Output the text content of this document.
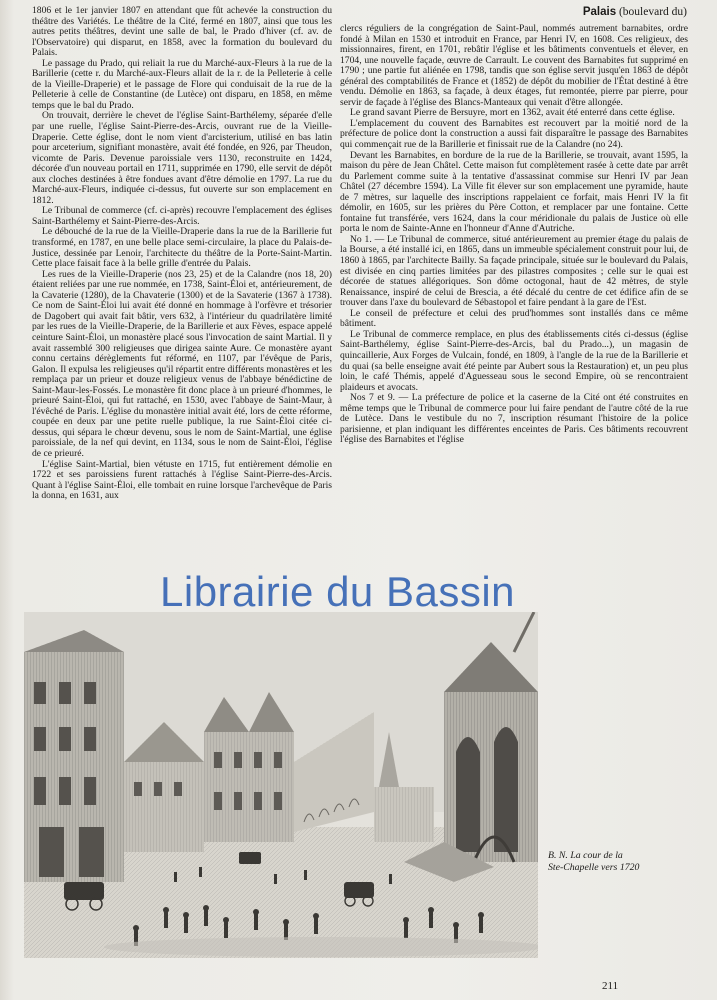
Palais (boulevard du)

1806 et le 1er janvier 1807 en attendant que fût achevée la construction du théâtre des Variétés. Le théâtre de la Cité, fermé en 1807, ainsi que tous les autres petits théâtres, devint une salle de bal, le Prado d'hiver (cf. av. de l'Observatoire) qui disparut, en 1858, avec la formation du boulevard du Palais.

Le passage du Prado, qui reliait la rue du Marché-aux-Fleurs à la rue de la Barillerie (cette r. du Marché-aux-Fleurs allait de la r. de la Pelleterie à celle de la Vieille-Draperie) et le passage de Flore qui conduisait de la rue de la Pelleterie à celle de Constantine (de Lutèce) ont disparu, en 1858, en même temps que le bal du Prado.

On trouvait, derrière le chevet de l'église Saint-Barthélemy, séparée d'elle par une ruelle, l'église Saint-Pierre-des-Arcis, ouvrant rue de la Vieille-Draperie. Cette église, dont le nom vient d'arcisterium, utilisé en bas latin pour arceterium, signifiant monastère, avait été fondée, en 926, par Theudon, vicomte de Paris. Devenue paroissiale vers 1130, reconstruite en 1424, décorée d'un nouveau portail en 1711, supprimée en 1790, elle servit de dépôt aux cloches destinées à être fondues avant d'être démolie en 1797. La rue du Marché-aux-Fleurs, indiquée ci-dessus, fut ouverte sur son emplacement en 1812.

Le Tribunal de commerce (cf. ci-après) recouvre l'emplacement des églises Saint-Barthélemy et Saint-Pierre-des-Arcis.

Le débouché de la rue de la Vieille-Draperie dans la rue de la Barillerie fut transformé, en 1787, en une belle place semi-circulaire, la place du Palais-de-Justice, dessinée par Lenoir, l'architecte du théâtre de la Porte-Saint-Martin. Cette place faisait face à la belle grille d'entrée du Palais.

Les rues de la Vieille-Draperie (nos 23, 25) et de la Calandre (nos 18, 20) étaient reliées par une rue nommée, en 1738, Saint-Éloi et, antérieurement, de la Cavaterie (1280), de la Chavaterie (1300) et de la Savaterie (1367 à 1738). Ce nom de Saint-Éloi lui avait été donné en hommage à l'orfèvre et trésorier de Dagobert qui avait fait bâtir, vers 632, à l'intérieur du quadrilatère limité par les rues de la Vieille-Draperie, de la Barillerie et aux Fèves, espace appelé ceinture Saint-Éloi, un monastère placé sous l'invocation de saint Martial. Il y avait rassemblé 300 religieuses que dirigea sainte Aure. Ce monastère ayant connu certains dérèglements fut réformé, en 1107, par l'évêque de Paris, Galon. Il expulsa les religieuses qu'il répartit entre différents monastères et les remplaça par un prieur et douze religieux venus de l'abbaye bénédictine de Saint-Maur-les-Fossés. Le monastère fit donc place à un prieuré d'hommes, le prieuré Saint-Éloi, qui fut rattaché, en 1530, avec l'abbaye de Saint-Maur, à l'évêché de Paris. L'église du monastère initial avait été, lors de cette réforme, coupée en deux par une petite ruelle publique, la rue Saint-Éloi citée ci-dessus, qui sépara le chœur devenu, sous le nom de Saint-Martial, une église paroissiale, de la nef qui devint, en 1134, sous le nom de Saint-Éloi, l'église de ce prieuré.

L'église Saint-Martial, bien vétuste en 1715, fut entièrement démolie en 1722 et ses paroissiens furent rattachés à l'église Saint-Pierre-des-Arcis. Quant à l'église Saint-Éloi, elle tombait en ruine lorsque l'archevêque de Paris la donna, en 1631, aux

clercs réguliers de la congrégation de Saint-Paul, nommés autrement barnabites, ordre fondé à Milan en 1530 et introduit en France, par Henri IV, en 1608. Ces religieux, des missionnaires, firent, en 1701, rebâtir l'église et les bâtiments conventuels et élever, en 1704, une nouvelle façade, œuvre de Carrault. Le couvent des Barnabites fut supprimé en 1790 ; une partie fut aliénée en 1798, tandis que son église servit jusqu'en 1863 de dépôt général des comptabilités de France et (1852) de dépôt du mobilier de l'État destiné à être vendu. Démolie en 1863, sa façade, à deux étages, fut remontée, pierre par pierre, pour servir de façade à l'église des Blancs-Manteaux qui venait d'être allongée.

Le grand savant Pierre de Bersuyre, mort en 1362, avait été enterré dans cette église.

L'emplacement du couvent des Barnabites est recouvert par la moitié nord de la préfecture de police dont la construction a aussi fait disparaître le passage des Barnabites qui commençait rue de la Barillerie et finissait rue de la Calandre (no 24).

Devant les Barnabites, en bordure de la rue de la Barillerie, se trouvait, avant 1595, la maison du père de Jean Châtel. Cette maison fut complètement rasée à cette date par arrêt du Parlement comme suite à la tentative d'assassinat commise sur Henri IV par Jean Châtel (27 décembre 1594). La Ville fit élever sur son emplacement une pyramide, haute de 7 mètres, sur laquelle des inscriptions rappelaient ce forfait, mais Henri IV la fit démolir, en 1605, sur les prières du Père Cotton, et remplacer par une fontaine. Cette fontaine fut transférée, vers 1624, dans la cour méridionale du palais de Justice où elle porta le nom de Sainte-Anne en l'honneur d'Anne d'Autriche.

No 1. — Le Tribunal de commerce, situé antérieurement au premier étage du palais de la Bourse, a été installé ici, en 1865, dans un immeuble spécialement construit pour lui, de 1860 à 1865, par l'architecte Bailly. Sa façade principale, située sur le boulevard du Palais, est divisée en cinq parties limitées par des pilastres composites ; celle sur le quai est décorée de statues allégoriques. Son dôme octogonal, haut de 42 mètres, de style Renaissance, inspiré de celui de Brescia, a été décalé du centre de cet édifice afin de se trouver dans l'axe du boulevard de Sébastopol et faire pendant à la gare de l'Est.

Le conseil de préfecture et celui des prud'hommes sont installés dans ce même bâtiment.

Le Tribunal de commerce remplace, en plus des établissements cités ci-dessus (église Saint-Barthélemy, église Saint-Pierre-des-Arcis, bal du Prado...), un magasin de quincaillerie, Aux Forges de Vulcain, fondé, en 1809, à l'angle de la rue de la Barillerie et du quai (sa belle enseigne avait été peinte par Aubert sous la Restauration) et, un peu plus loin, le café Thémis, appelé d'Aguesseau sous le second Empire, où se rencontraient plaideurs et avocats.

Nos 7 et 9. — La préfecture de police et la caserne de la Cité ont été construites en même temps que le Tribunal de commerce pour lui faire pendant de l'autre côté de la rue de Lutèce. Dans le vestibule du no 7, inscription résumant l'histoire de la police parisienne, et plan indiquant les différentes enceintes de Paris. Ces bâtiments recouvrent l'église des Barnabites et l'église

Librairie du Bassin
B. N. La cour de la
Ste-Chapelle vers 1720
211
